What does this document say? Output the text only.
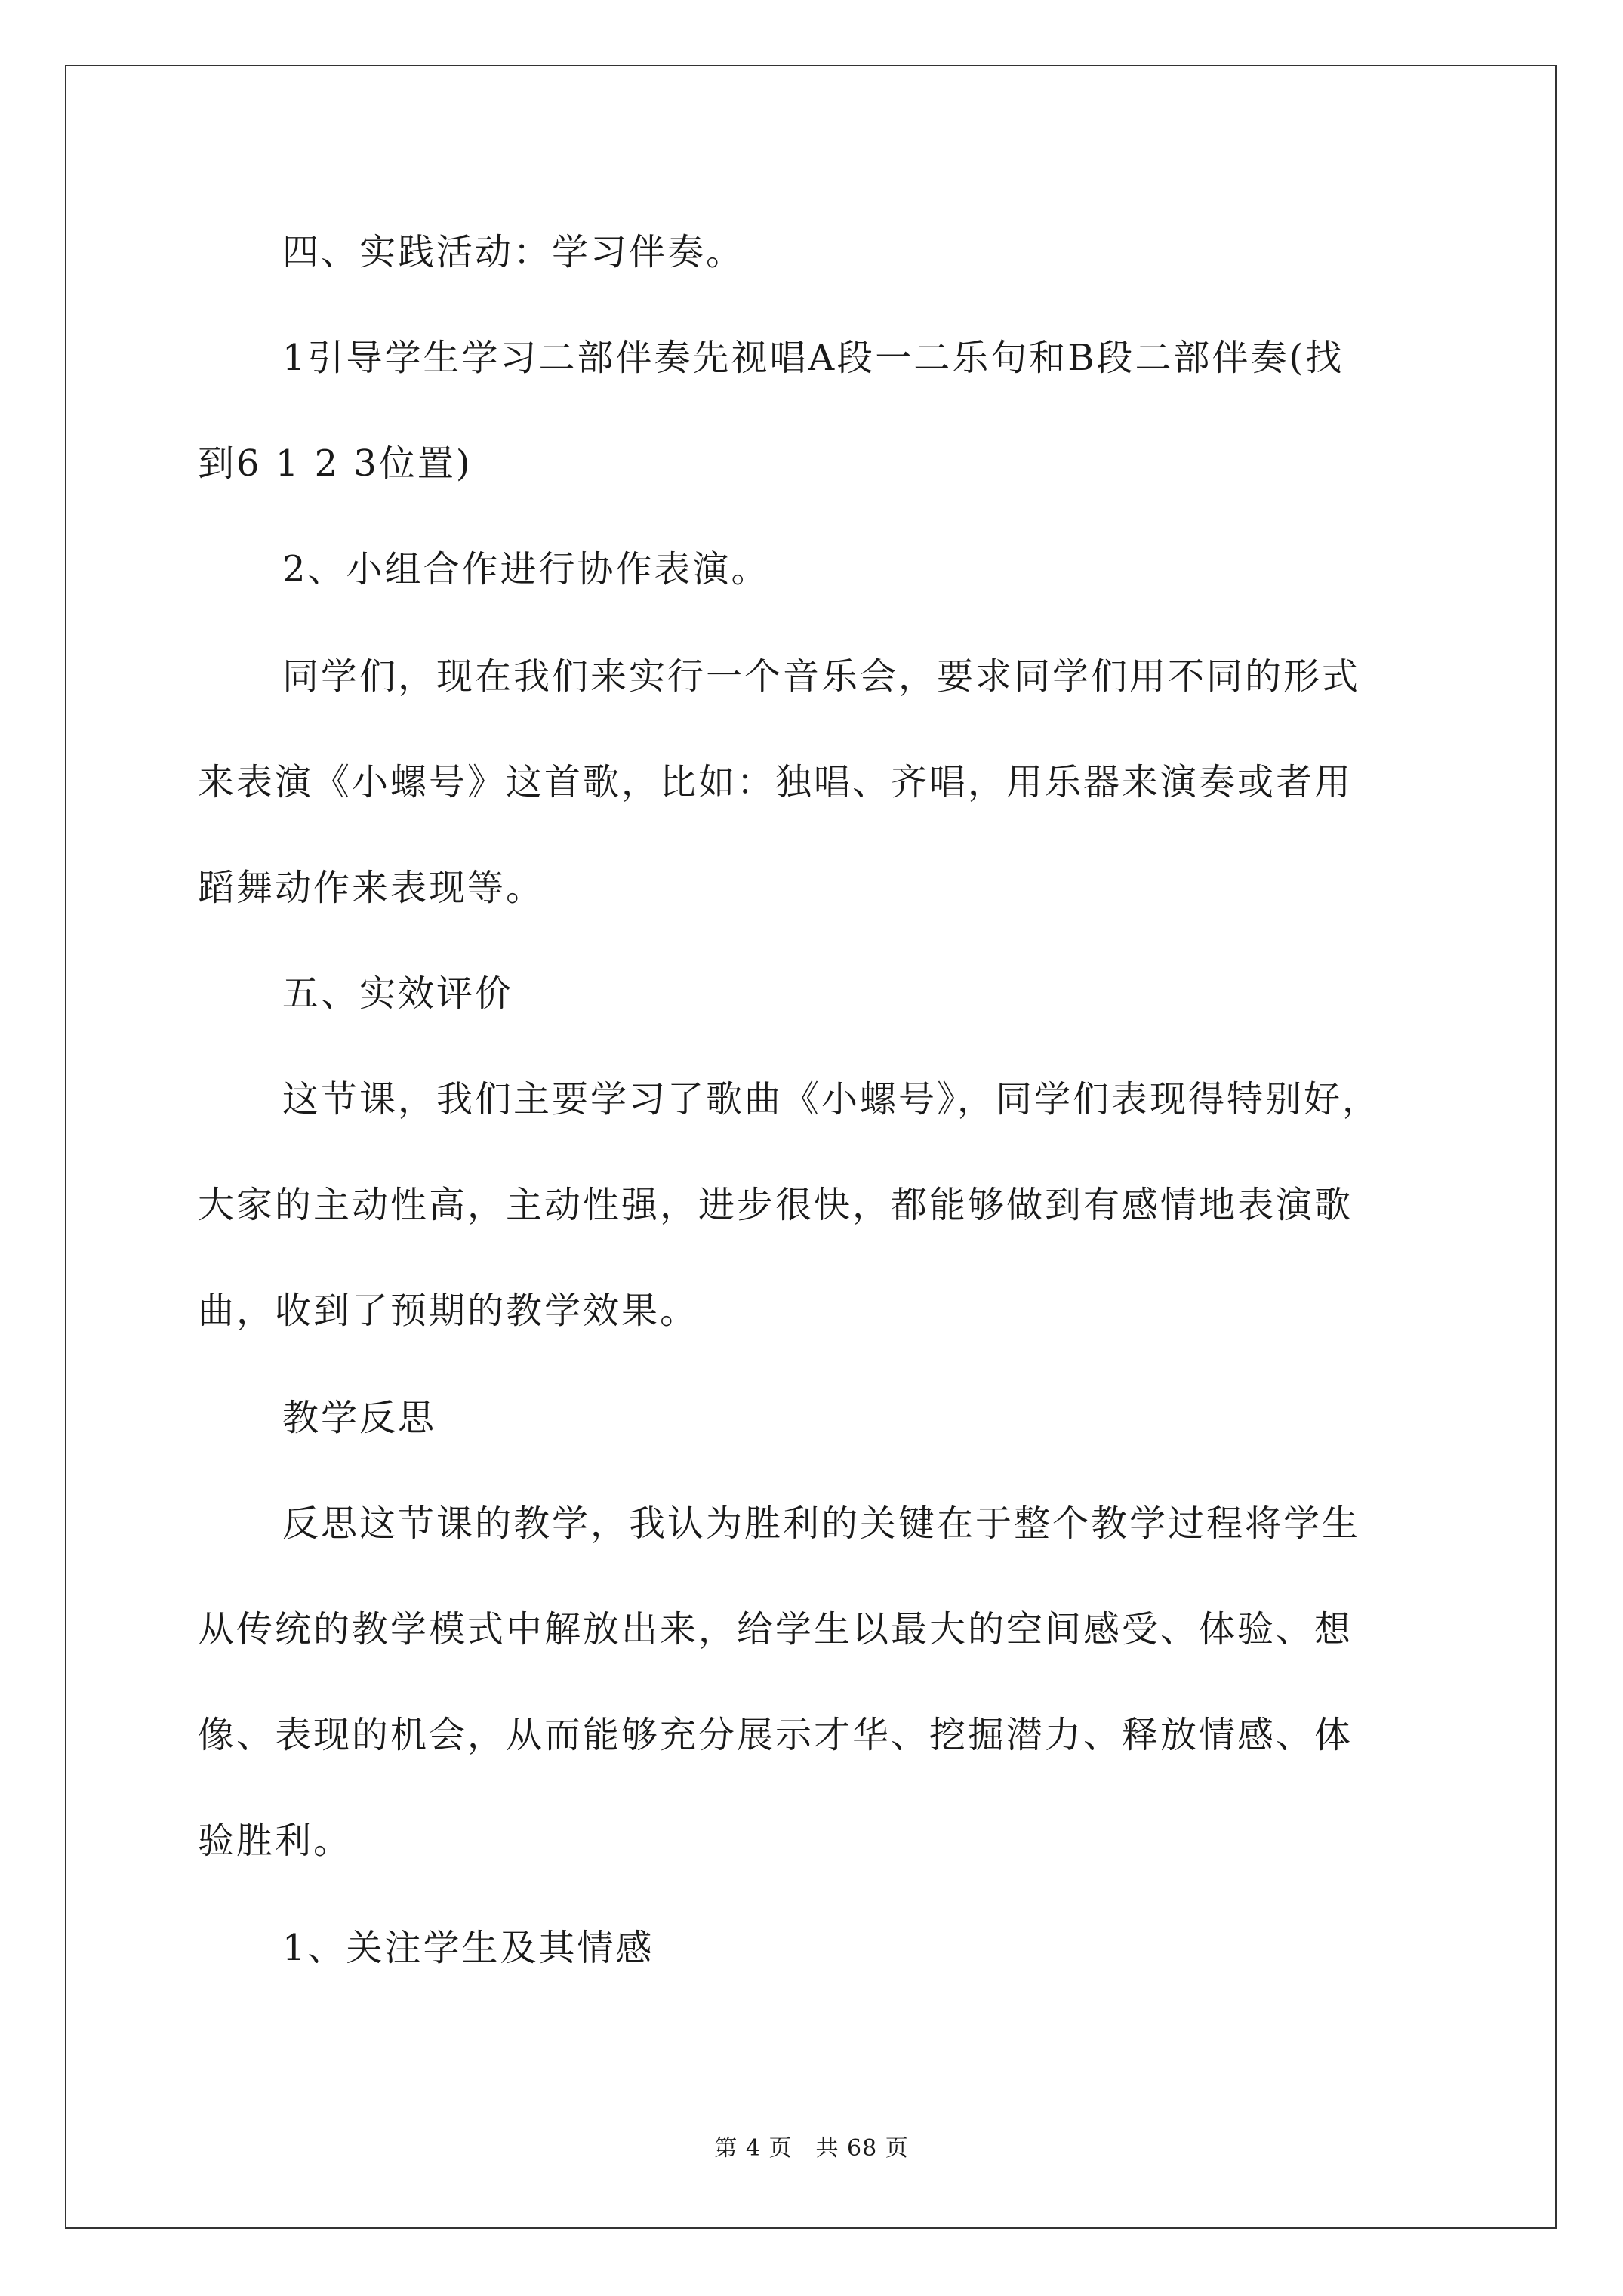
四、实践活动：学习伴奏。

1引导学生学习二部伴奏先视唱A段一二乐句和B段二部伴奏(找

到6 1 2 3位置)

2、小组合作进行协作表演。

同学们，现在我们来实行一个音乐会，要求同学们用不同的形式

来表演《小螺号》这首歌，比如：独唱、齐唱，用乐器来演奏或者用

蹈舞动作来表现等。

五、实效评价

这节课，我们主要学习了歌曲《小螺号》，同学们表现得特别好，

大家的主动性高，主动性强，进步很快，都能够做到有感情地表演歌

曲，收到了预期的教学效果。

教学反思

反思这节课的教学，我认为胜利的关键在于整个教学过程将学生

从传统的教学模式中解放出来，给学生以最大的空间感受、体验、想

像、表现的机会，从而能够充分展示才华、挖掘潜力、释放情感、体

验胜利。

1、关注学生及其情感

第 4 页　共 68 页
